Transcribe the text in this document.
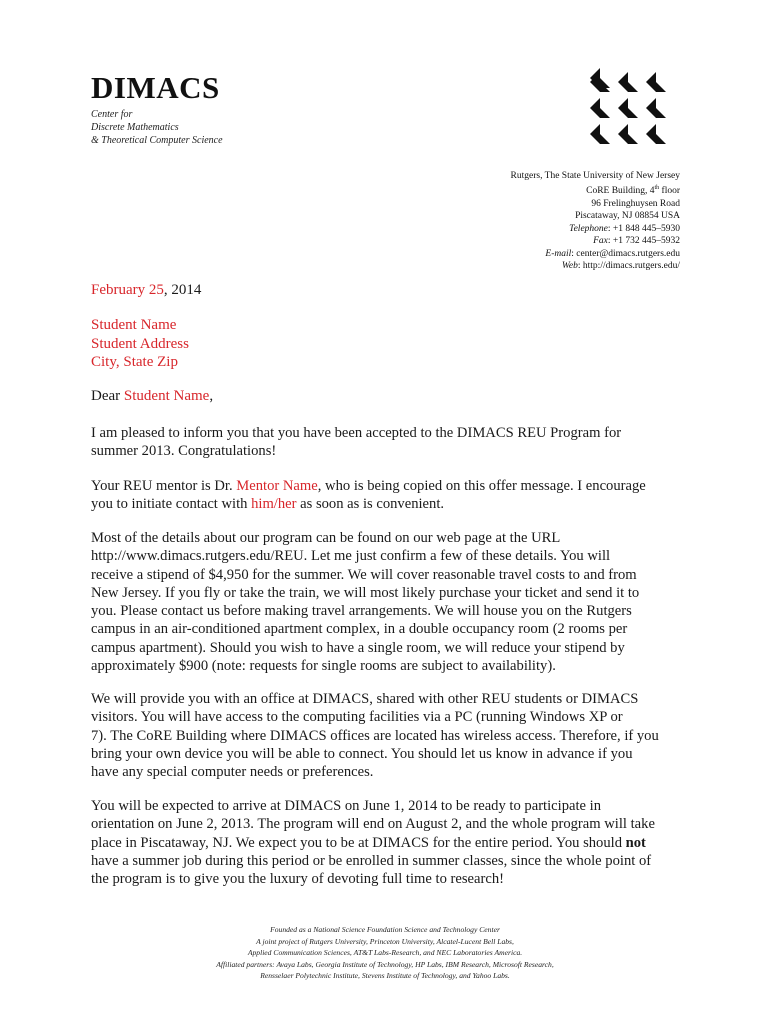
DIMACS
Center for
Discrete Mathematics
& Theoretical Computer Science
Rutgers, The State University of New Jersey
CoRE Building, 4th floor
96 Frelinghuysen Road
Piscataway, NJ 08854 USA
Telephone: +1 848 445–5930
Fax: +1 732 445–5932
E-mail: center@dimacs.rutgers.edu
Web: http://dimacs.rutgers.edu/
February 25, 2014
Student Name
Student Address
City, State Zip
Dear Student Name,
I am pleased to inform you that you have been accepted to the DIMACS REU Program for
summer 2013. Congratulations!
Your REU mentor is Dr. Mentor Name, who is being copied on this offer message. I encourage
you to initiate contact with him/her as soon as is convenient.
Most of the details about our program can be found on our web page at the URL
http://www.dimacs.rutgers.edu/REU. Let me just confirm a few of these details. You will
receive a stipend of $4,950 for the summer. We will cover reasonable travel costs to and from
New Jersey. If you fly or take the train, we will most likely purchase your ticket and send it to
you. Please contact us before making travel arrangements. We will house you on the Rutgers
campus in an air-conditioned apartment complex, in a double occupancy room (2 rooms per
campus apartment). Should you wish to have a single room, we will reduce your stipend by
approximately $900 (note: requests for single rooms are subject to availability).
We will provide you with an office at DIMACS, shared with other REU students or DIMACS
visitors. You will have access to the computing facilities via a PC (running Windows XP or
7). The CoRE Building where DIMACS offices are located has wireless access. Therefore, if you
bring your own device you will be able to connect. You should let us know in advance if you
have any special computer needs or preferences.
You will be expected to arrive at DIMACS on June 1, 2014 to be ready to participate in
orientation on June 2, 2013. The program will end on August 2, and the whole program will take
place in Piscataway, NJ. We expect you to be at DIMACS for the entire period. You should not
have a summer job during this period or be enrolled in summer classes, since the whole point of
the program is to give you the luxury of devoting full time to research!
Founded as a National Science Foundation Science and Technology Center
A joint project of Rutgers University, Princeton University, Alcatel-Lucent Bell Labs,
Applied Communication Sciences, AT&T Labs-Research, and NEC Laboratories America.
Affiliated partners: Avaya Labs, Georgia Institute of Technology, HP Labs, IBM Research, Microsoft Research,
Rensselaer Polytechnic Institute, Stevens Institute of Technology, and Yahoo Labs.
